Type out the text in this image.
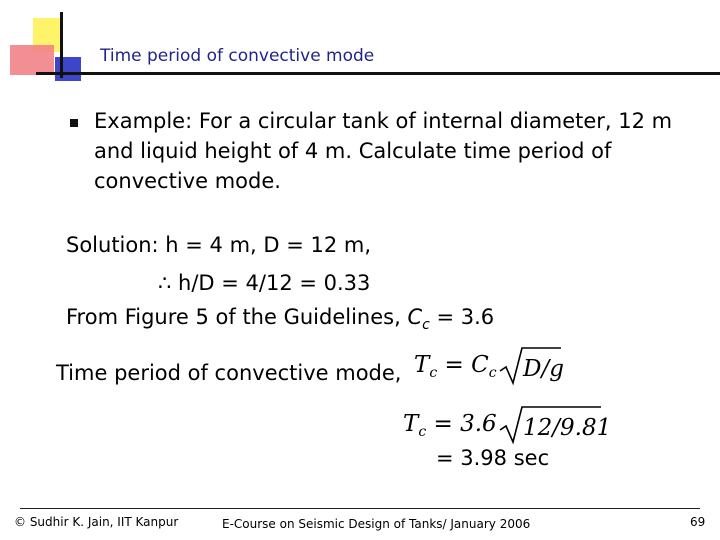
Time period of convective mode
Example: For a circular tank of internal diameter, 12 m
and liquid height of 4 m. Calculate time period of
convective mode.
Solution: h = 4 m, D = 12 m,
∴ h/D = 4/12 = 0.33
From Figure 5 of the Guidelines, $C_c = 3.6$
Time period of convective mode, $T_c = C_c$ D/g
$T_c = 3.6$ 12/9.81
= 3.98 sec
© Sudhir K. Jain, IIT Kanpur	E-Course on Seismic Design of Tanks/ January 2006	69
